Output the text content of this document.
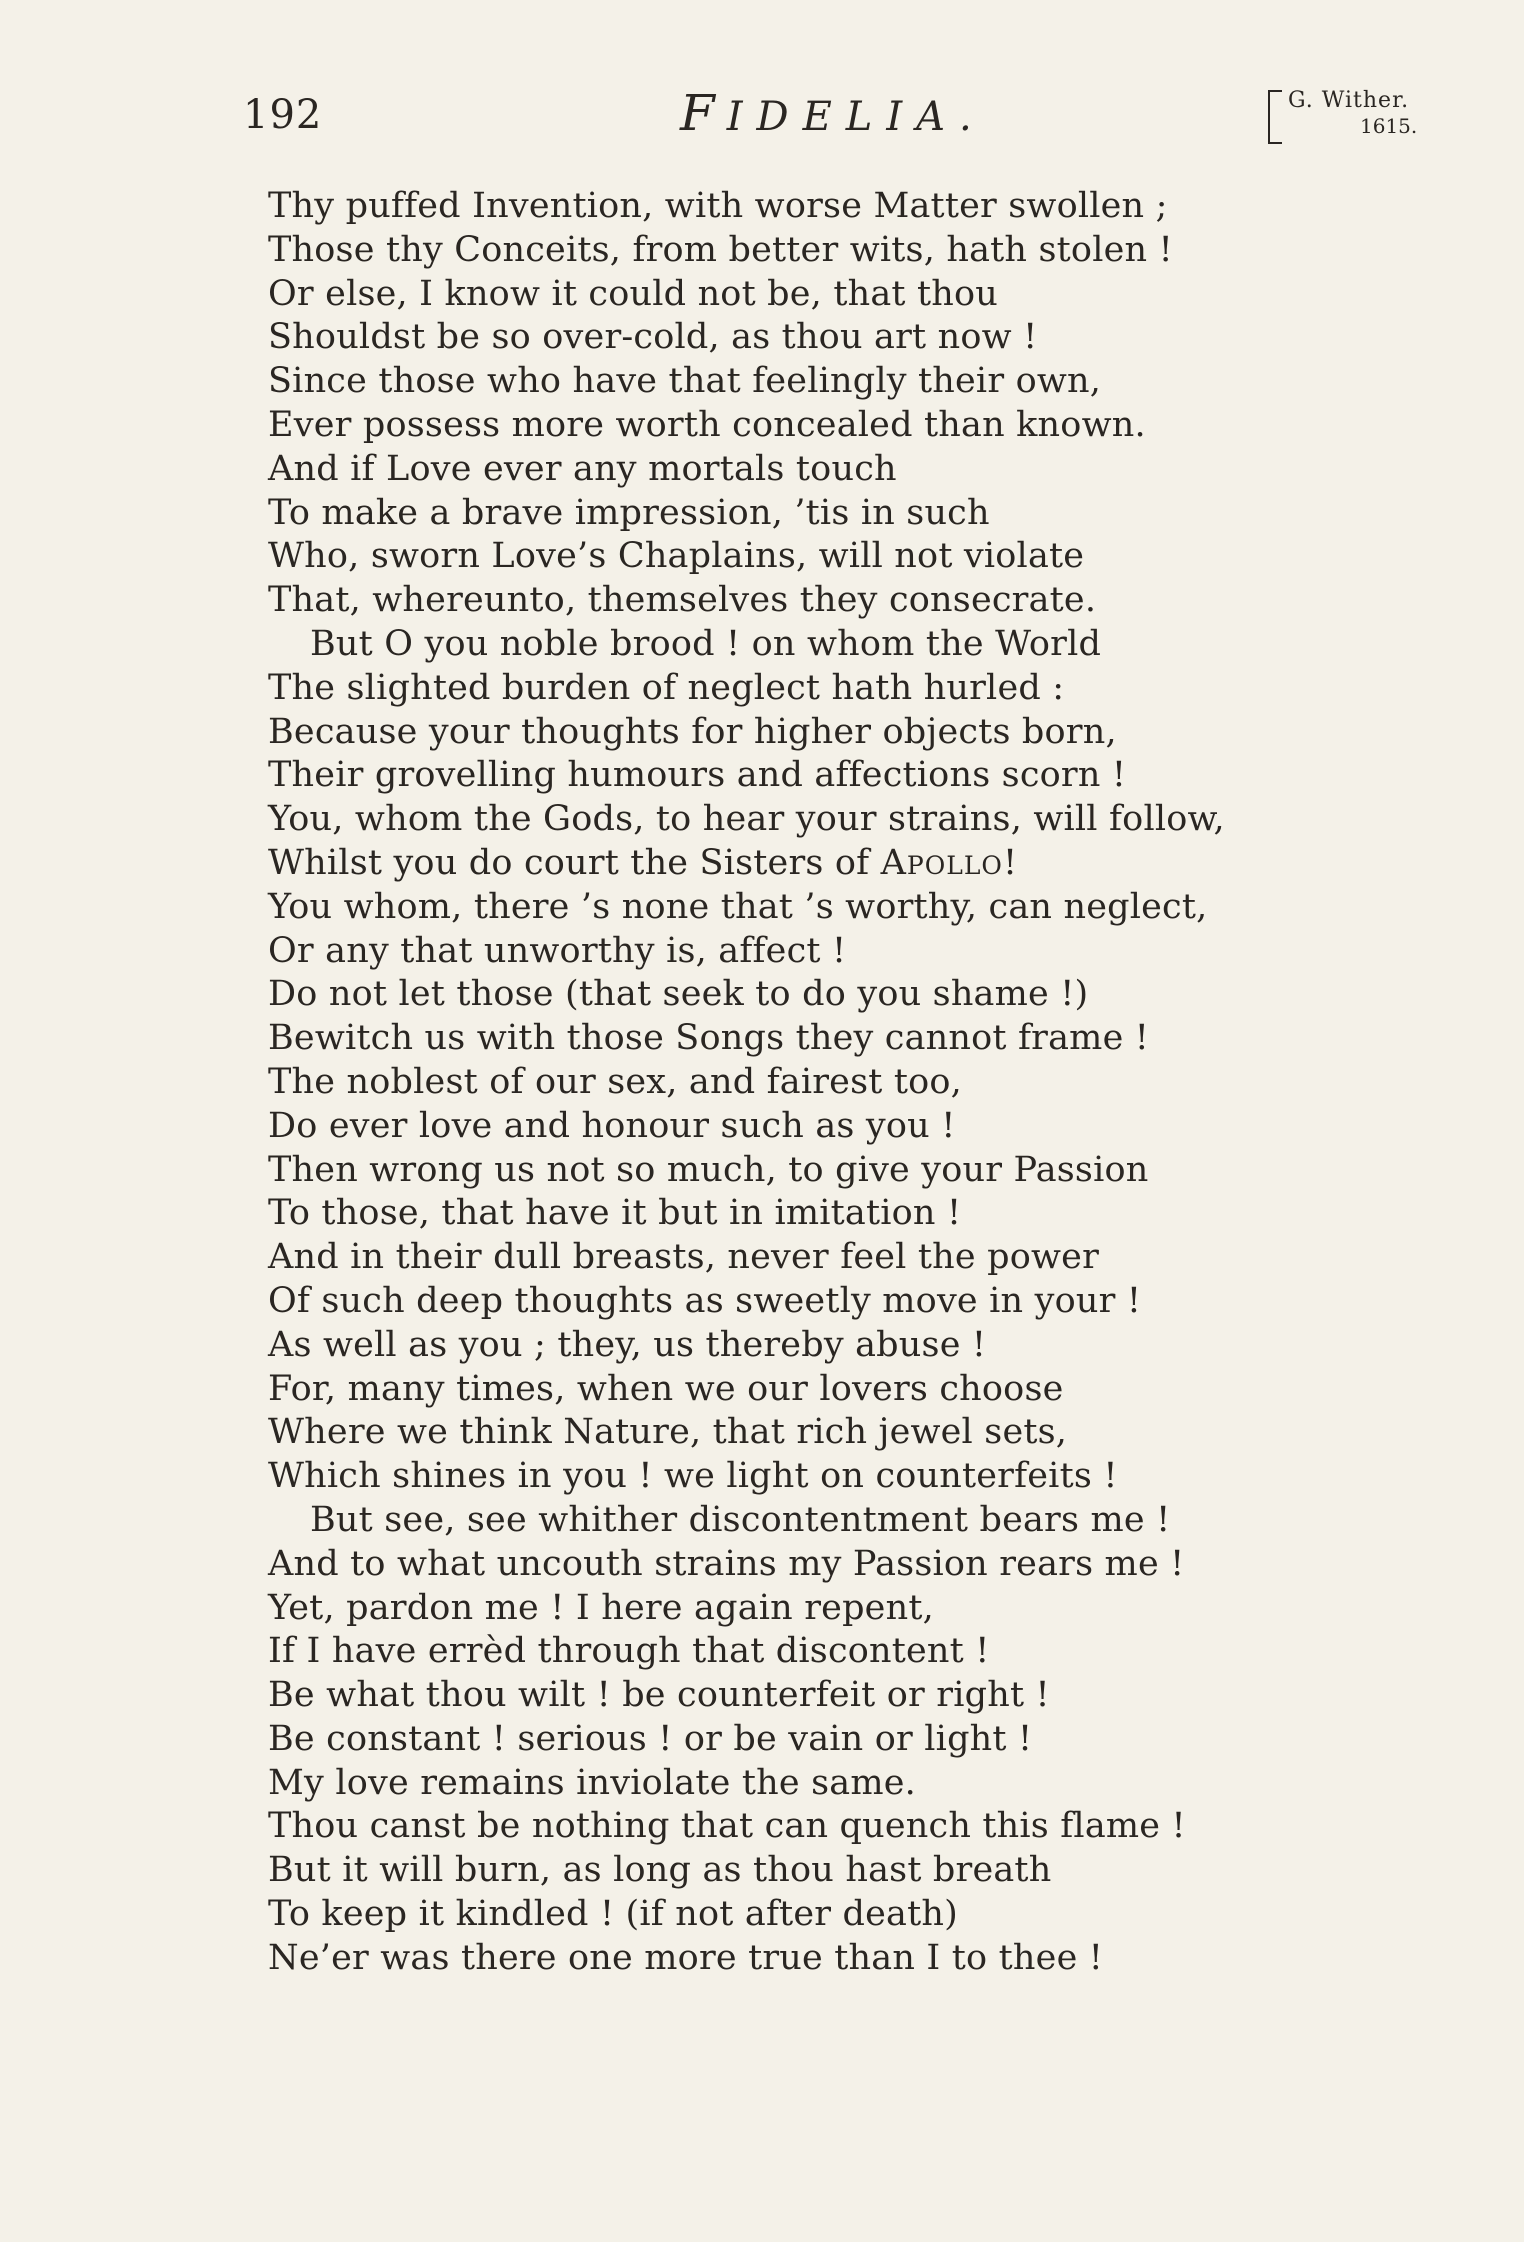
192	FIDELIA.	G. Wither.
1615.
Thy puffed Invention, with worse Matter swollen ;
Those thy Conceits, from better wits, hath stolen !
Or else, I know it could not be, that thou
Shouldst be so over-cold, as thou art now !
Since those who have that feelingly their own,
Ever possess more worth concealed than known.
And if Love ever any mortals touch
To make a brave impression, ’tis in such
Who, sworn Love’s Chaplains, will not violate
That, whereunto, themselves they consecrate.
But O you noble brood ! on whom the World
The slighted burden of neglect hath hurled :
Because your thoughts for higher objects born,
Their grovelling humours and affections scorn !
You, whom the Gods, to hear your strains, will follow,
Whilst you do court the Sisters of Apollo!
You whom, there ’s none that ’s worthy, can neglect,
Or any that unworthy is, affect !
Do not let those (that seek to do you shame !)
Bewitch us with those Songs they cannot frame !
The noblest of our sex, and fairest too,
Do ever love and honour such as you !
Then wrong us not so much, to give your Passion
To those, that have it but in imitation !
And in their dull breasts, never feel the power
Of such deep thoughts as sweetly move in your !
As well as you ; they, us thereby abuse !
For, many times, when we our lovers choose
Where we think Nature, that rich jewel sets,
Which shines in you ! we light on counterfeits !
But see, see whither discontentment bears me !
And to what uncouth strains my Passion rears me !
Yet, pardon me ! I here again repent,
If I have errèd through that discontent !
Be what thou wilt ! be counterfeit or right !
Be constant ! serious ! or be vain or light !
My love remains inviolate the same.
Thou canst be nothing that can quench this flame !
But it will burn, as long as thou hast breath
To keep it kindled ! (if not after death)
Ne’er was there one more true than I to thee !
